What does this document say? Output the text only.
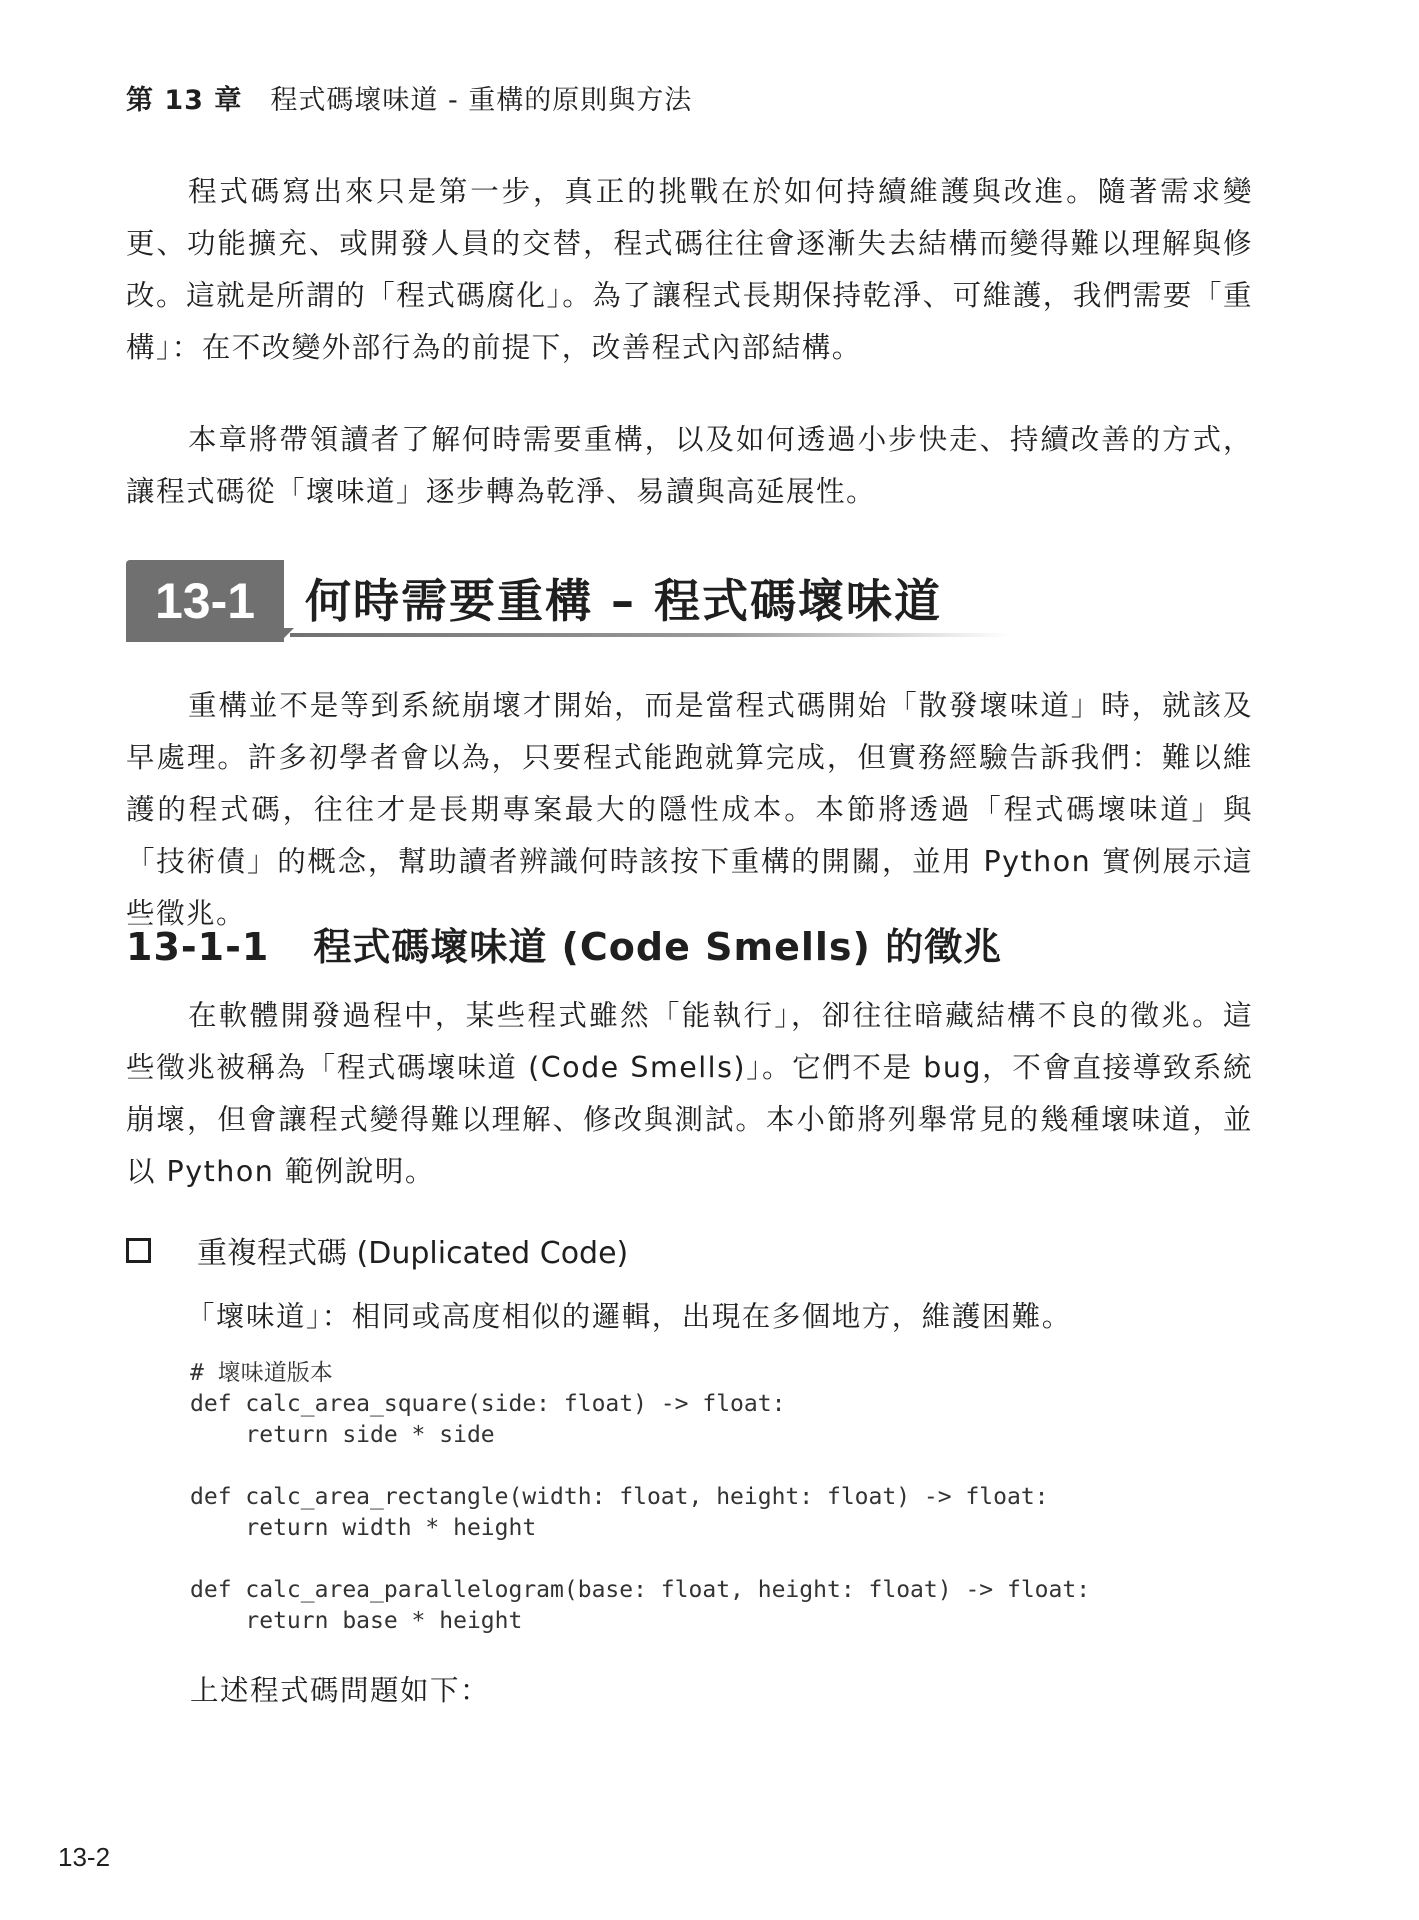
第 13 章 程式碼壞味道 - 重構的原則與方法

程式碼寫出來只是第一步，真正的挑戰在於如何持續維護與改進。隨著需求變更、功能擴充、或開發人員的交替，程式碼往往會逐漸失去結構而變得難以理解與修改。這就是所謂的「程式碼腐化」。為了讓程式長期保持乾淨、可維護，我們需要「重構」：在不改變外部行為的前提下，改善程式內部結構。

本章將帶領讀者了解何時需要重構，以及如何透過小步快走、持續改善的方式，讓程式碼從「壞味道」逐步轉為乾淨、易讀與高延展性。

13-1	何時需要重構 – 程式碼壞味道

重構並不是等到系統崩壞才開始，而是當程式碼開始「散發壞味道」時，就該及早處理。許多初學者會以為，只要程式能跑就算完成，但實務經驗告訴我們：難以維護的程式碼，往往才是長期專案最大的隱性成本。本節將透過「程式碼壞味道」與「技術債」的概念，幫助讀者辨識何時該按下重構的開關，並用 Python 實例展示這些徵兆。

13-1-1 程式碼壞味道 (Code Smells) 的徵兆

在軟體開發過程中，某些程式雖然「能執行」，卻往往暗藏結構不良的徵兆。這些徵兆被稱為「程式碼壞味道 (Code Smells)」。它們不是 bug，不會直接導致系統崩壞，但會讓程式變得難以理解、修改與測試。本小節將列舉常見的幾種壞味道，並以 Python 範例說明。

重複程式碼 (Duplicated Code)
「壞味道」：相同或高度相似的邏輯，出現在多個地方，維護困難。
# 壞味道版本
def calc_area_square(side: float) -> float:
return side * side

def calc_area_rectangle(width: float, height: float) -> float:
return width * height

def calc_area_parallelogram(base: float, height: float) -> float:
return base * height
上述程式碼問題如下：
13-2
